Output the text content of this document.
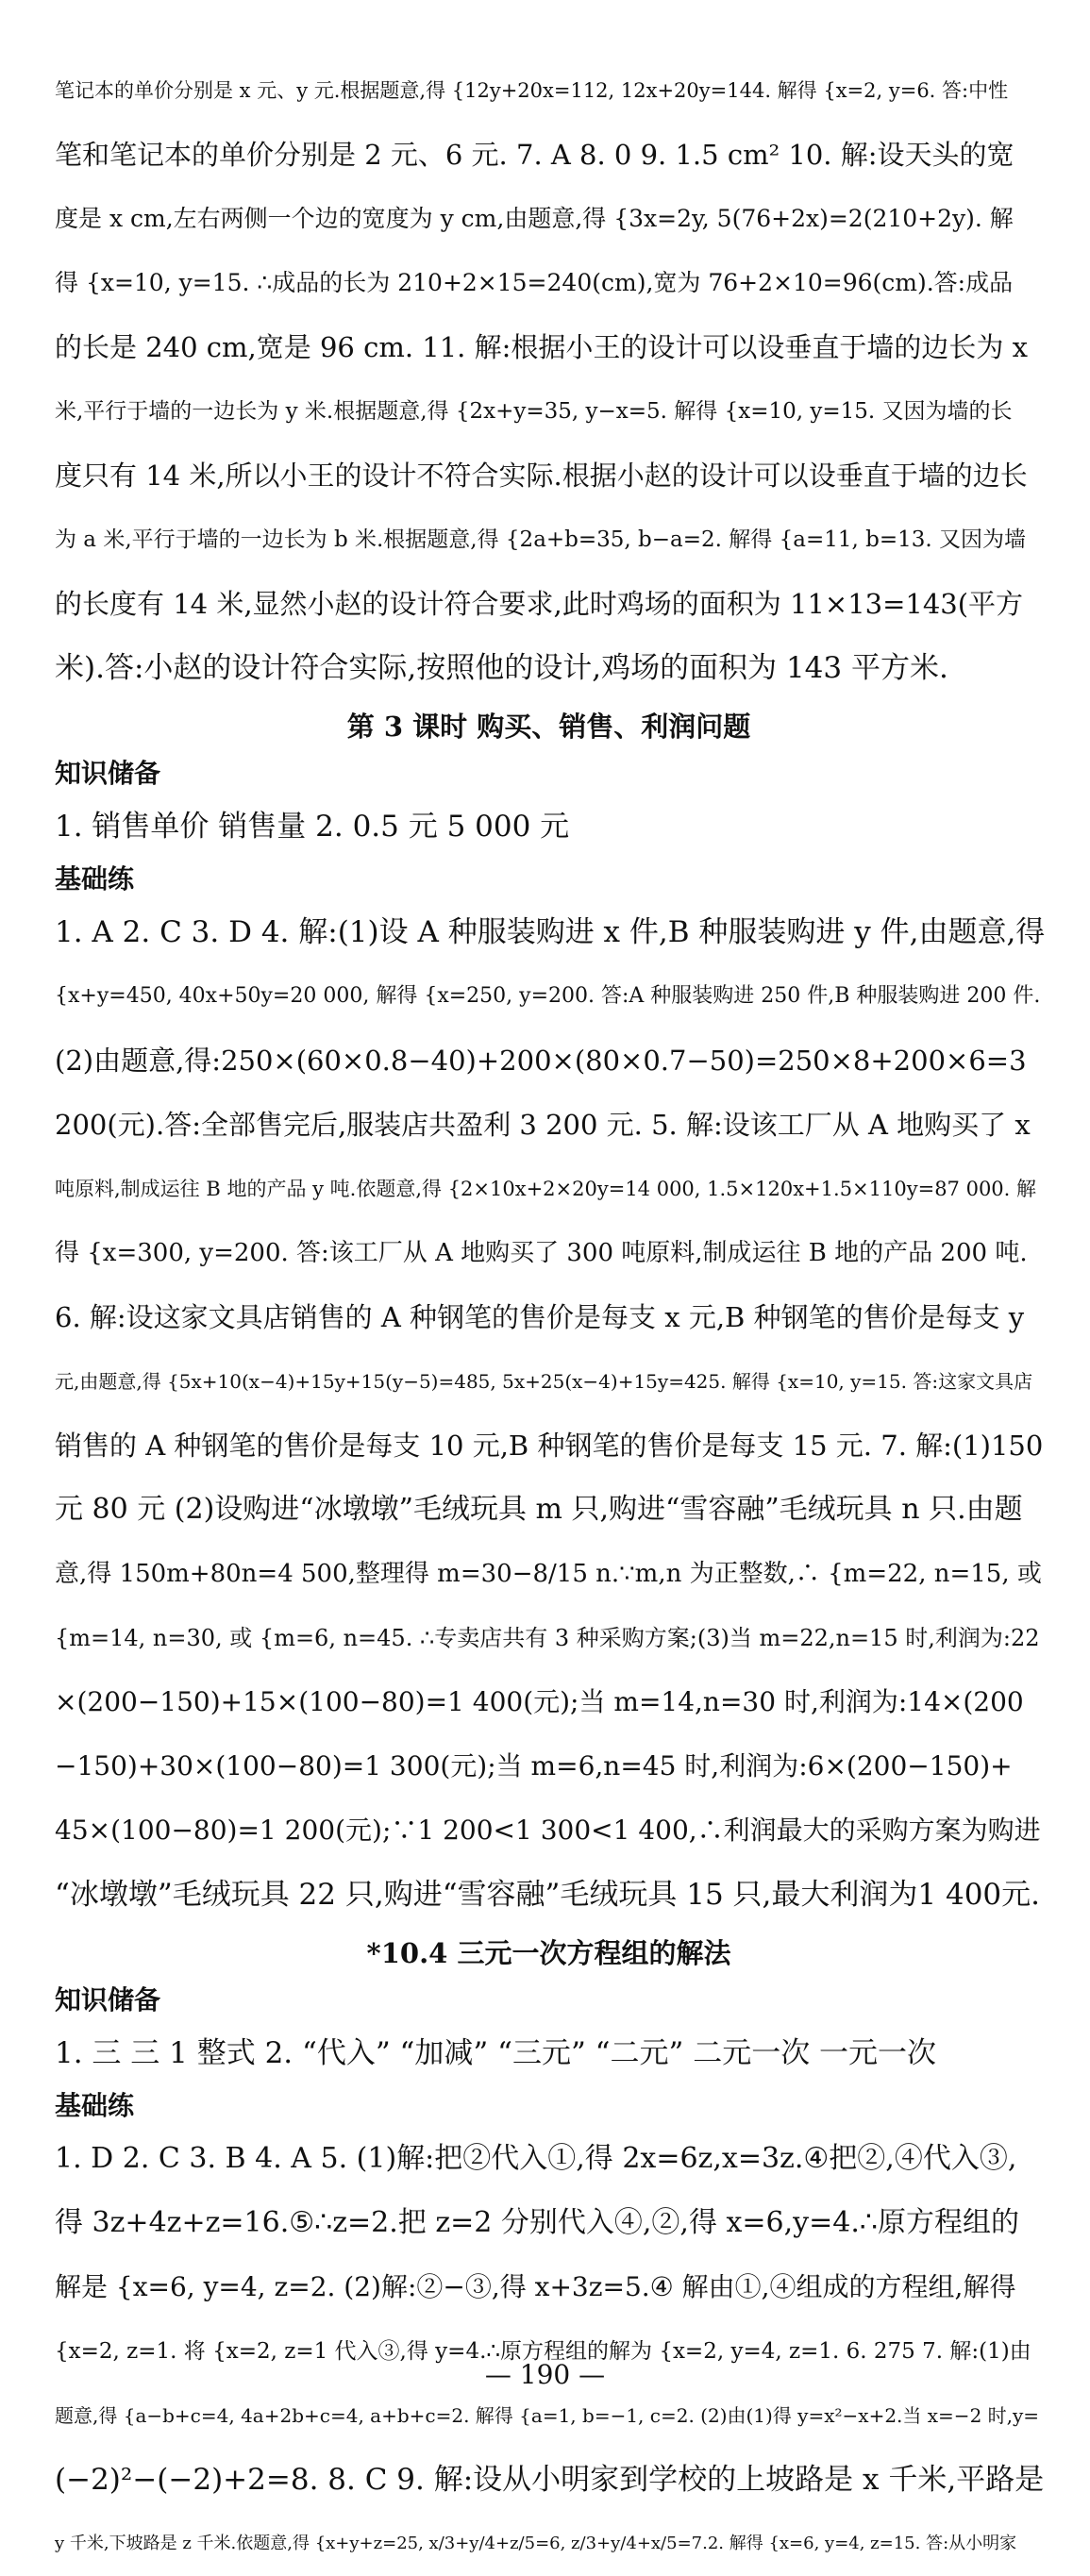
笔记本的单价分别是 x 元、y 元.根据题意,得 {12y+20x=112, 12x+20y=144. 解得 {x=2, y=6. 答:中性

笔和笔记本的单价分别是 2 元、6 元. 7. A 8. 0 9. 1.5 cm² 10. 解:设天头的宽

度是 x cm,左右两侧一个边的宽度为 y cm,由题意,得 {3x=2y, 5(76+2x)=2(210+2y). 解

得 {x=10, y=15. ∴成品的长为 210+2×15=240(cm),宽为 76+2×10=96(cm).答:成品

的长是 240 cm,宽是 96 cm. 11. 解:根据小王的设计可以设垂直于墙的边长为 x

米,平行于墙的一边长为 y 米.根据题意,得 {2x+y=35, y−x=5. 解得 {x=10, y=15. 又因为墙的长

度只有 14 米,所以小王的设计不符合实际.根据小赵的设计可以设垂直于墙的边长

为 a 米,平行于墙的一边长为 b 米.根据题意,得 {2a+b=35, b−a=2. 解得 {a=11, b=13. 又因为墙

的长度有 14 米,显然小赵的设计符合要求,此时鸡场的面积为 11×13=143(平方

米).答:小赵的设计符合实际,按照他的设计,鸡场的面积为 143 平方米.

第 3 课时 购买、销售、利润问题

知识储备

1. 销售单价 销售量 2. 0.5 元 5 000 元

基础练

1. A 2. C 3. D 4. 解:(1)设 A 种服装购进 x 件,B 种服装购进 y 件,由题意,得

{x+y=450, 40x+50y=20 000, 解得 {x=250, y=200. 答:A 种服装购进 250 件,B 种服装购进 200 件.

(2)由题意,得:250×(60×0.8−40)+200×(80×0.7−50)=250×8+200×6=3

200(元).答:全部售完后,服装店共盈利 3 200 元. 5. 解:设该工厂从 A 地购买了 x

吨原料,制成运往 B 地的产品 y 吨.依题意,得 {2×10x+2×20y=14 000, 1.5×120x+1.5×110y=87 000. 解

得 {x=300, y=200. 答:该工厂从 A 地购买了 300 吨原料,制成运往 B 地的产品 200 吨.

6. 解:设这家文具店销售的 A 种钢笔的售价是每支 x 元,B 种钢笔的售价是每支 y

元,由题意,得 {5x+10(x−4)+15y+15(y−5)=485, 5x+25(x−4)+15y=425. 解得 {x=10, y=15. 答:这家文具店

销售的 A 种钢笔的售价是每支 10 元,B 种钢笔的售价是每支 15 元. 7. 解:(1)150

元 80 元 (2)设购进“冰墩墩”毛绒玩具 m 只,购进“雪容融”毛绒玩具 n 只.由题

意,得 150m+80n=4 500,整理得 m=30−8/15 n.∵m,n 为正整数,∴ {m=22, n=15, 或

{m=14, n=30, 或 {m=6, n=45. ∴专卖店共有 3 种采购方案;(3)当 m=22,n=15 时,利润为:22

×(200−150)+15×(100−80)=1 400(元);当 m=14,n=30 时,利润为:14×(200

−150)+30×(100−80)=1 300(元);当 m=6,n=45 时,利润为:6×(200−150)+

45×(100−80)=1 200(元);∵1 200<1 300<1 400,∴利润最大的采购方案为购进

“冰墩墩”毛绒玩具 22 只,购进“雪容融”毛绒玩具 15 只,最大利润为1 400元.

*10.4 三元一次方程组的解法

知识储备

1. 三 三 1 整式 2. “代入” “加减” “三元” “二元” 二元一次 一元一次

基础练

1. D 2. C 3. B 4. A 5. (1)解:把②代入①,得 2x=6z,x=3z.④把②,④代入③,

得 3z+4z+z=16.⑤∴z=2.把 z=2 分别代入④,②,得 x=6,y=4.∴原方程组的

解是 {x=6, y=4, z=2. (2)解:②−③,得 x+3z=5.④ 解由①,④组成的方程组,解得

{x=2, z=1. 将 {x=2, z=1 代入③,得 y=4.∴原方程组的解为 {x=2, y=4, z=1. 6. 275 7. 解:(1)由

题意,得 {a−b+c=4, 4a+2b+c=4, a+b+c=2. 解得 {a=1, b=−1, c=2. (2)由(1)得 y=x²−x+2.当 x=−2 时,y=

(−2)²−(−2)+2=8. 8. C 9. 解:设从小明家到学校的上坡路是 x 千米,平路是

y 千米,下坡路是 z 千米.依题意,得 {x+y+z=25, x/3+y/4+z/5=6, z/3+y/4+x/5=7.2. 解得 {x=6, y=4, z=15. 答:从小明家

— 190 —
